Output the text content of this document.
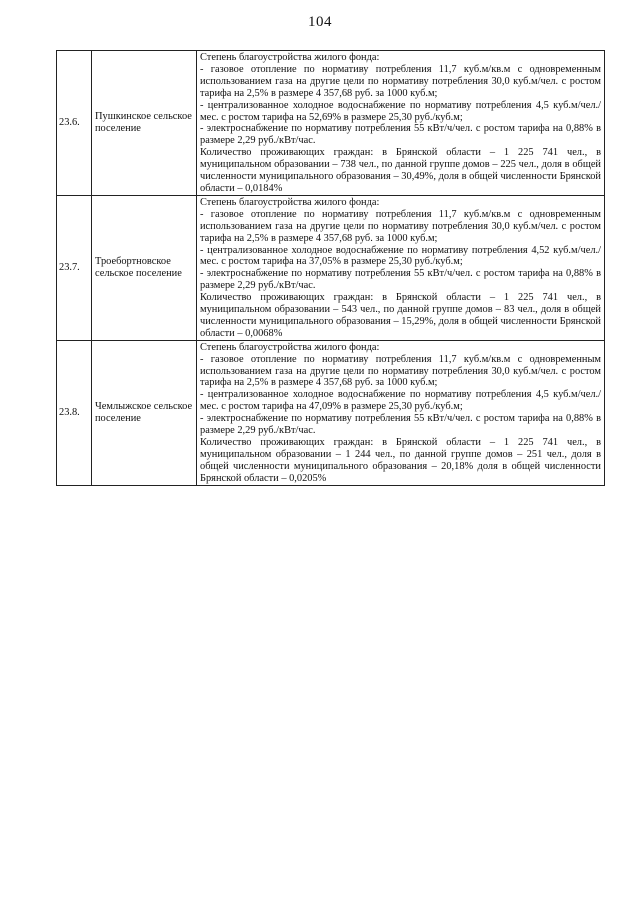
104
23.6.	Пушкинское сельское поселение	Степень благоустройства жилого фонда:
- газовое отопление по нормативу потребления 11,7 куб.м/кв.м с одновременным использованием газа на другие цели по нормативу потребления 30,0 куб.м/чел. с ростом тарифа на 2,5% в размере 4 357,68 руб. за 1000 куб.м;
- централизованное холодное водоснабжение по нормативу потребления 4,5 куб.м/чел./мес. с ростом тарифа на 52,69% в размере 25,30 руб./куб.м;
- электроснабжение по нормативу потребления 55 кВт/ч/чел. с ростом тарифа на 0,88% в размере 2,29 руб./кВт/час.
Количество проживающих граждан: в Брянской области – 1 225 741 чел., в муниципальном образовании – 738 чел., по данной группе домов – 225 чел., доля в общей численности муниципального образования – 30,49%, доля в общей численности Брянской области – 0,0184%

23.7.	Троебортновское сельское поселение	Степень благоустройства жилого фонда:
- газовое отопление по нормативу потребления 11,7 куб.м/кв.м с одновременным использованием газа на другие цели по нормативу потребления 30,0 куб.м/чел. с ростом тарифа на 2,5% в размере 4 357,68 руб. за 1000 куб.м;
- централизованное холодное водоснабжение по нормативу потребления 4,52 куб.м/чел./мес. с ростом тарифа на 37,05% в размере 25,30 руб./куб.м;
- электроснабжение по нормативу потребления 55 кВт/ч/чел. с ростом тарифа на 0,88% в размере 2,29 руб./кВт/час.
Количество проживающих граждан: в Брянской области – 1 225 741 чел., в муниципальном образовании – 543 чел., по данной группе домов – 83 чел., доля в общей численности муниципального образования – 15,29%, доля в общей численности Брянской области – 0,0068%

23.8.	Чемлыжское сельское поселение	Степень благоустройства жилого фонда:
- газовое отопление по нормативу потребления 11,7 куб.м/кв.м с одновременным использованием газа на другие цели по нормативу потребления 30,0 куб.м/чел. с ростом тарифа на 2,5% в размере 4 357,68 руб. за 1000 куб.м;
- централизованное холодное водоснабжение по нормативу потребления 4,5 куб.м/чел./мес. с ростом тарифа на 47,09% в размере 25,30 руб./куб.м;
- электроснабжение по нормативу потребления 55 кВт/ч/чел. с ростом тарифа на 0,88% в размере 2,29 руб./кВт/час.
Количество проживающих граждан: в Брянской области – 1 225 741 чел., в муниципальном образовании – 1 244 чел., по данной группе домов – 251 чел., доля в общей численности муниципального образования – 20,18% доля в общей численности Брянской области – 0,0205%
